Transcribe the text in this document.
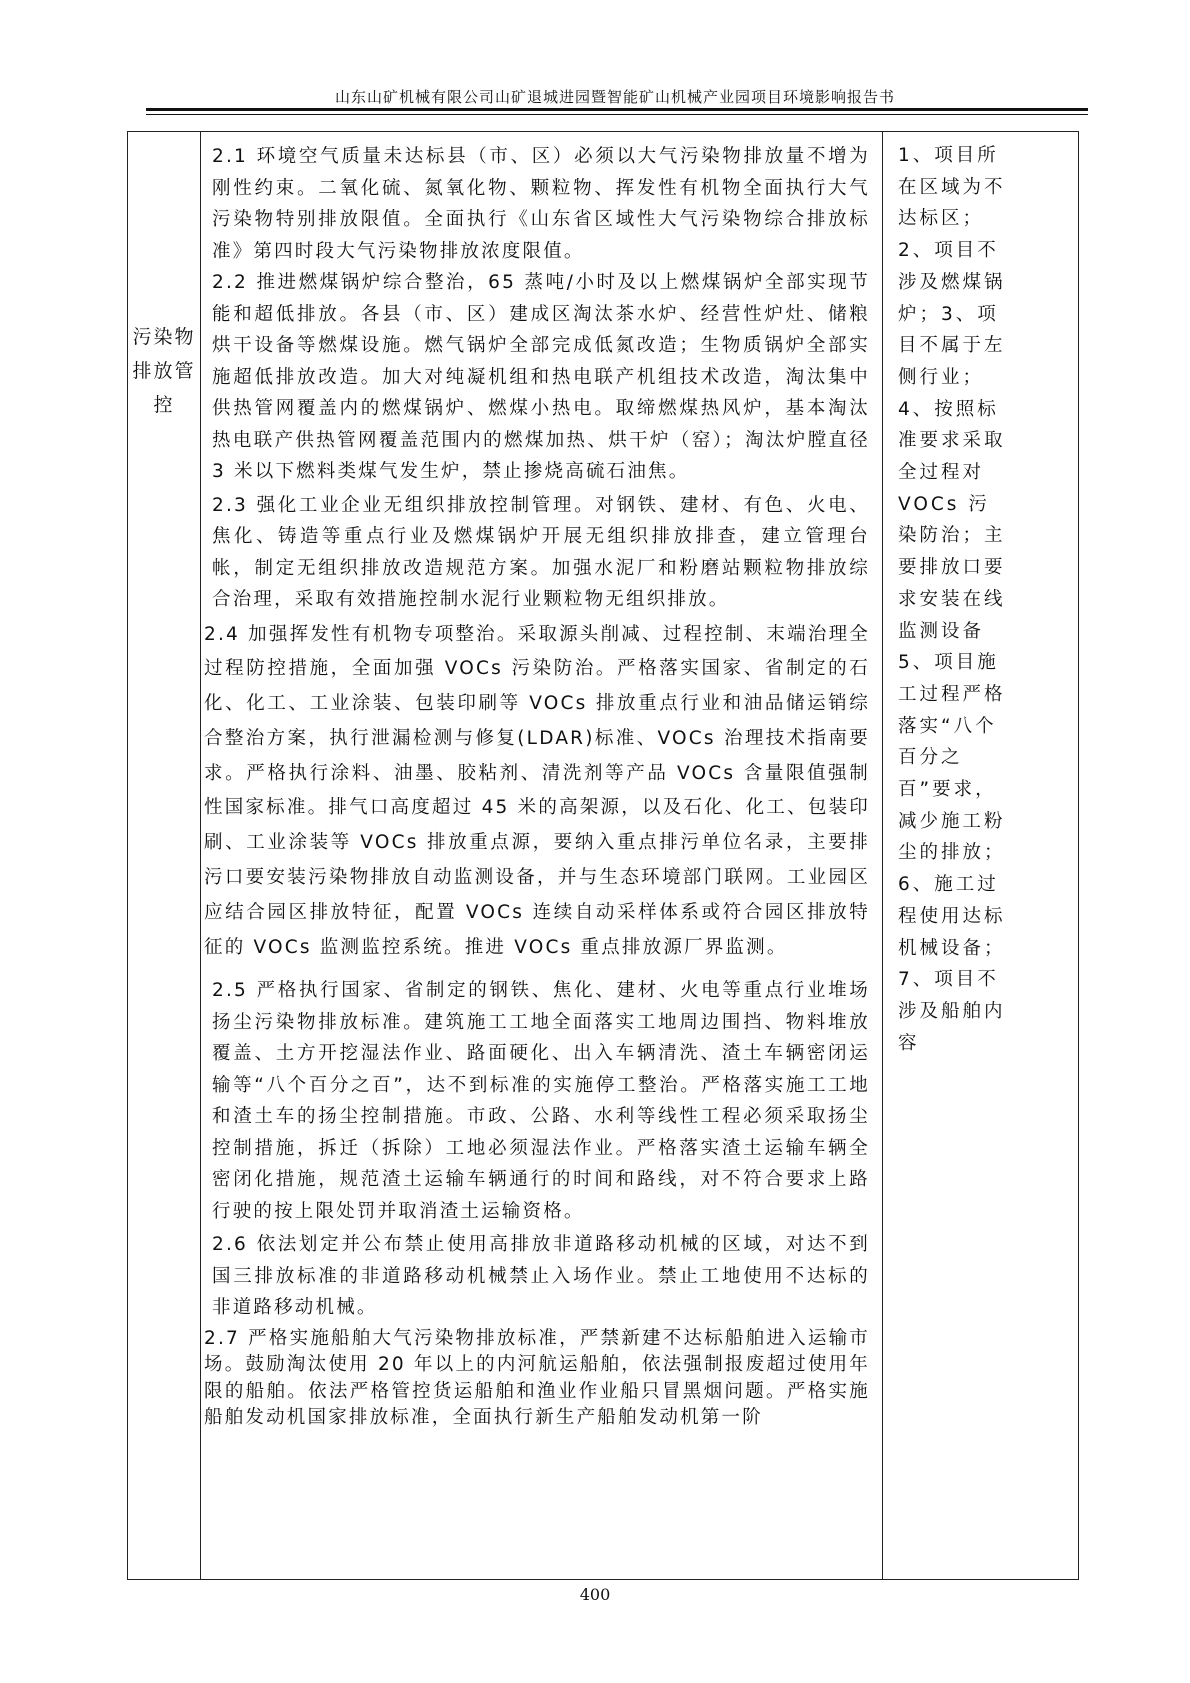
山东山矿机械有限公司山矿退城进园暨智能矿山机械产业园项目环境影响报告书
污染物排放管控

2.1 环境空气质量未达标县（市、区）必须以大气污染物排放量不增为刚性约束。二氧化硫、氮氧化物、颗粒物、挥发性有机物全面执行大气污染物特别排放限值。全面执行《山东省区域性大气污染物综合排放标准》第四时段大气污染物排放浓度限值。

2.2 推进燃煤锅炉综合整治，65 蒸吨/小时及以上燃煤锅炉全部实现节能和超低排放。各县（市、区）建成区淘汰茶水炉、经营性炉灶、储粮烘干设备等燃煤设施。燃气锅炉全部完成低氮改造；生物质锅炉全部实施超低排放改造。加大对纯凝机组和热电联产机组技术改造，淘汰集中供热管网覆盖内的燃煤锅炉、燃煤小热电。取缔燃煤热风炉，基本淘汰热电联产供热管网覆盖范围内的燃煤加热、烘干炉（窑）；淘汰炉膛直径 3 米以下燃料类煤气发生炉，禁止掺烧高硫石油焦。

2.3 强化工业企业无组织排放控制管理。对钢铁、建材、有色、火电、焦化、铸造等重点行业及燃煤锅炉开展无组织排放排查，建立管理台帐，制定无组织排放改造规范方案。加强水泥厂和粉磨站颗粒物排放综合治理，采取有效措施控制水泥行业颗粒物无组织排放。

2.4 加强挥发性有机物专项整治。采取源头削减、过程控制、末端治理全过程防控措施，全面加强 VOCs 污染防治。严格落实国家、省制定的石化、化工、工业涂装、包装印刷等 VOCs 排放重点行业和油品储运销综合整治方案，执行泄漏检测与修复(LDAR)标准、VOCs 治理技术指南要求。严格执行涂料、油墨、胶粘剂、清洗剂等产品 VOCs 含量限值强制性国家标准。排气口高度超过 45 米的高架源，以及石化、化工、包装印刷、工业涂装等 VOCs 排放重点源，要纳入重点排污单位名录，主要排污口要安装污染物排放自动监测设备，并与生态环境部门联网。工业园区应结合园区排放特征，配置 VOCs 连续自动采样体系或符合园区排放特征的 VOCs 监测监控系统。推进 VOCs 重点排放源厂界监测。

2.5 严格执行国家、省制定的钢铁、焦化、建材、火电等重点行业堆场扬尘污染物排放标准。建筑施工工地全面落实工地周边围挡、物料堆放覆盖、土方开挖湿法作业、路面硬化、出入车辆清洗、渣土车辆密闭运输等“八个百分之百”，达不到标准的实施停工整治。严格落实施工工地和渣土车的扬尘控制措施。市政、公路、水利等线性工程必须采取扬尘控制措施，拆迁（拆除）工地必须湿法作业。严格落实渣土运输车辆全密闭化措施，规范渣土运输车辆通行的时间和路线，对不符合要求上路行驶的按上限处罚并取消渣土运输资格。

2.6 依法划定并公布禁止使用高排放非道路移动机械的区域，对达不到国三排放标准的非道路移动机械禁止入场作业。禁止工地使用不达标的非道路移动机械。

2.7 严格实施船舶大气污染物排放标准，严禁新建不达标船舶进入运输市场。鼓励淘汰使用 20 年以上的内河航运船舶，依法强制报废超过使用年限的船舶。依法严格管控货运船舶和渔业作业船只冒黑烟问题。严格实施船舶发动机国家排放标准，全面执行新生产船舶发动机第一阶

1、项目所在区域为不达标区；2、项目不涉及燃煤锅炉；3、项目不属于左侧行业；4、按照标准要求采取全过程对 VOCs 污染防治；主要排放口要求安装在线监测设备 5、项目施工过程严格落实“八个百分之百”要求，减少施工粉尘的排放；6、施工过程使用达标机械设备；7、项目不涉及船舶内容

400
